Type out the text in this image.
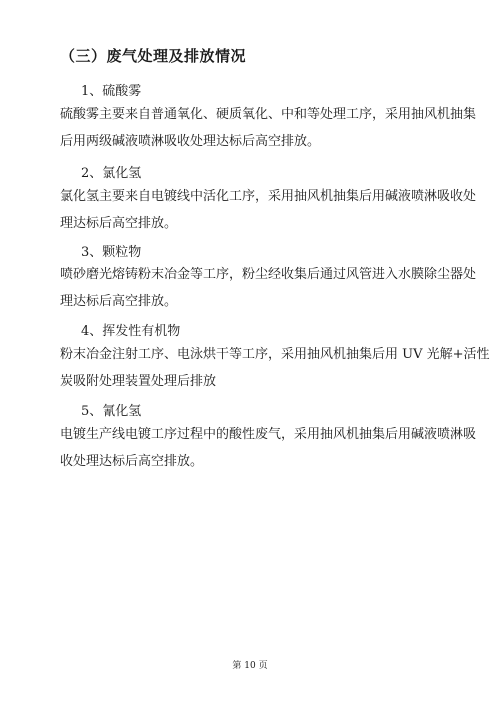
（三）废气处理及排放情况
1、硫酸雾
硫酸雾主要来自普通氧化、硬质氧化、中和等处理工序，采用抽风机抽集
后用两级碱液喷淋吸收处理达标后高空排放。
2、氯化氢
氯化氢主要来自电镀线中活化工序，采用抽风机抽集后用碱液喷淋吸收处
理达标后高空排放。
3、颗粒物
喷砂磨光熔铸粉末冶金等工序，粉尘经收集后通过风管进入水膜除尘器处
理达标后高空排放。
4、挥发性有机物
粉末冶金注射工序、电泳烘干等工序，采用抽风机抽集后用 UV 光解+活性
炭吸附处理装置处理后排放
5、氰化氢
电镀生产线电镀工序过程中的酸性废气，采用抽风机抽集后用碱液喷淋吸
收处理达标后高空排放。
第 10 页
